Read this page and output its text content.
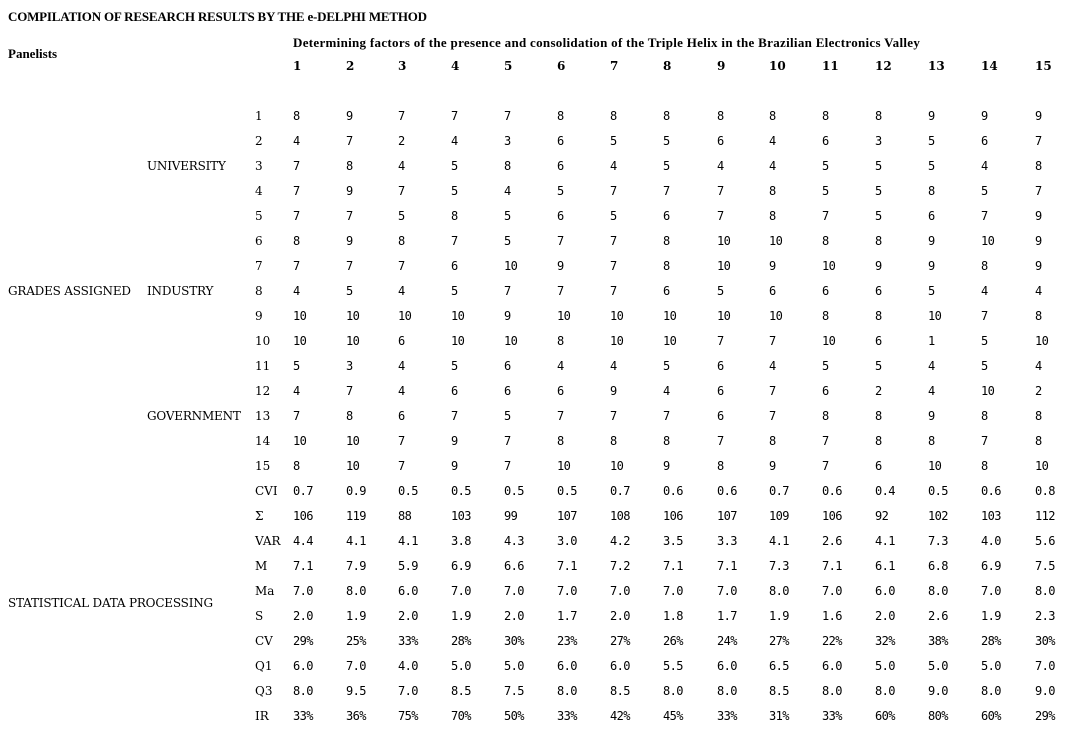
COMPILATION OF RESEARCH RESULTS BY THE e-DELPHI METHOD
Panelists
Determining factors of the presence and consolidation of the Triple Helix in the Brazilian Electronics Valley
1	2	3	4	5	6	7	8	9	10	11	12	13	14	15
UNIVERSITY
GRADES ASSIGNED INDUSTRY
GOVERNMENT
STATISTICAL DATA PROCESSING
1	8	9	7	7	7	8	8	8	8	8	8	8	9	9	9
2	4	7	2	4	3	6	5	5	6	4	6	3	5	6	7
3	7	8	4	5	8	6	4	5	4	4	5	5	5	4	8
4	7	9	7	5	4	5	7	7	7	8	5	5	8	5	7
5	7	7	5	8	5	6	5	6	7	8	7	5	6	7	9
6	8	9	8	7	5	7	7	8	10	10	8	8	9	10	9
7	7	7	7	6	10	9	7	8	10	9	10	9	9	8	9
8	4	5	4	5	7	7	7	6	5	6	6	6	5	4	4
9	10	10	10	10	9	10	10	10	10	10	8	8	10	7	8
10 10	10	6	10	10	8	10	10	7	7	10	6	1	5	10
11 5	3	4	5	6	4	4	5	6	4	5	5	4	5	4
12 4	7	4	6	6	6	9	4	6	7	6	2	4	10	2
13 7	8	6	7	5	7	7	7	6	7	8	8	9	8	8
14 10	10	7	9	7	8	8	8	7	8	7	8	8	7	8
15 8	10	7	9	7	10	10	9	8	9	7	6	10	8	10
CVI 0.7	0.9	0.5	0.5	0.5	0.5	0.7	0.6	0.6	0.7	0.6	0.4	0.5	0.6	0.8
Σ 106	119	88	103	99	107	108	106	107	109	106	92	102	103	112
VAR 4.4	4.1	4.1	3.8	4.3	3.0	4.2	3.5	3.3	4.1	2.6	4.1	7.3	4.0	5.6
M 7.1	7.9	5.9	6.9	6.6	7.1	7.2	7.1	7.1	7.3	7.1	6.1	6.8	6.9	7.5
Ma 7.0	8.0	6.0	7.0	7.0	7.0	7.0	7.0	7.0	8.0	7.0	6.0	8.0	7.0	8.0
S 2.0	1.9	2.0	1.9	2.0	1.7	2.0	1.8	1.7	1.9	1.6	2.0	2.6	1.9	2.3
CV 29%	25%	33%	28%	30%	23%	27%	26%	24%	27%	22%	32%	38%	28%	30%
Q1 6.0	7.0	4.0	5.0	5.0	6.0	6.0	5.5	6.0	6.5	6.0	5.0	5.0	5.0	7.0
Q3 8.0	9.5	7.0	8.5	7.5	8.0	8.5	8.0	8.0	8.5	8.0	8.0	9.0	8.0	9.0
IR 33%	36%	75%	70%	50%	33%	42%	45%	33%	31%	33%	60%	80%	60%	29%
